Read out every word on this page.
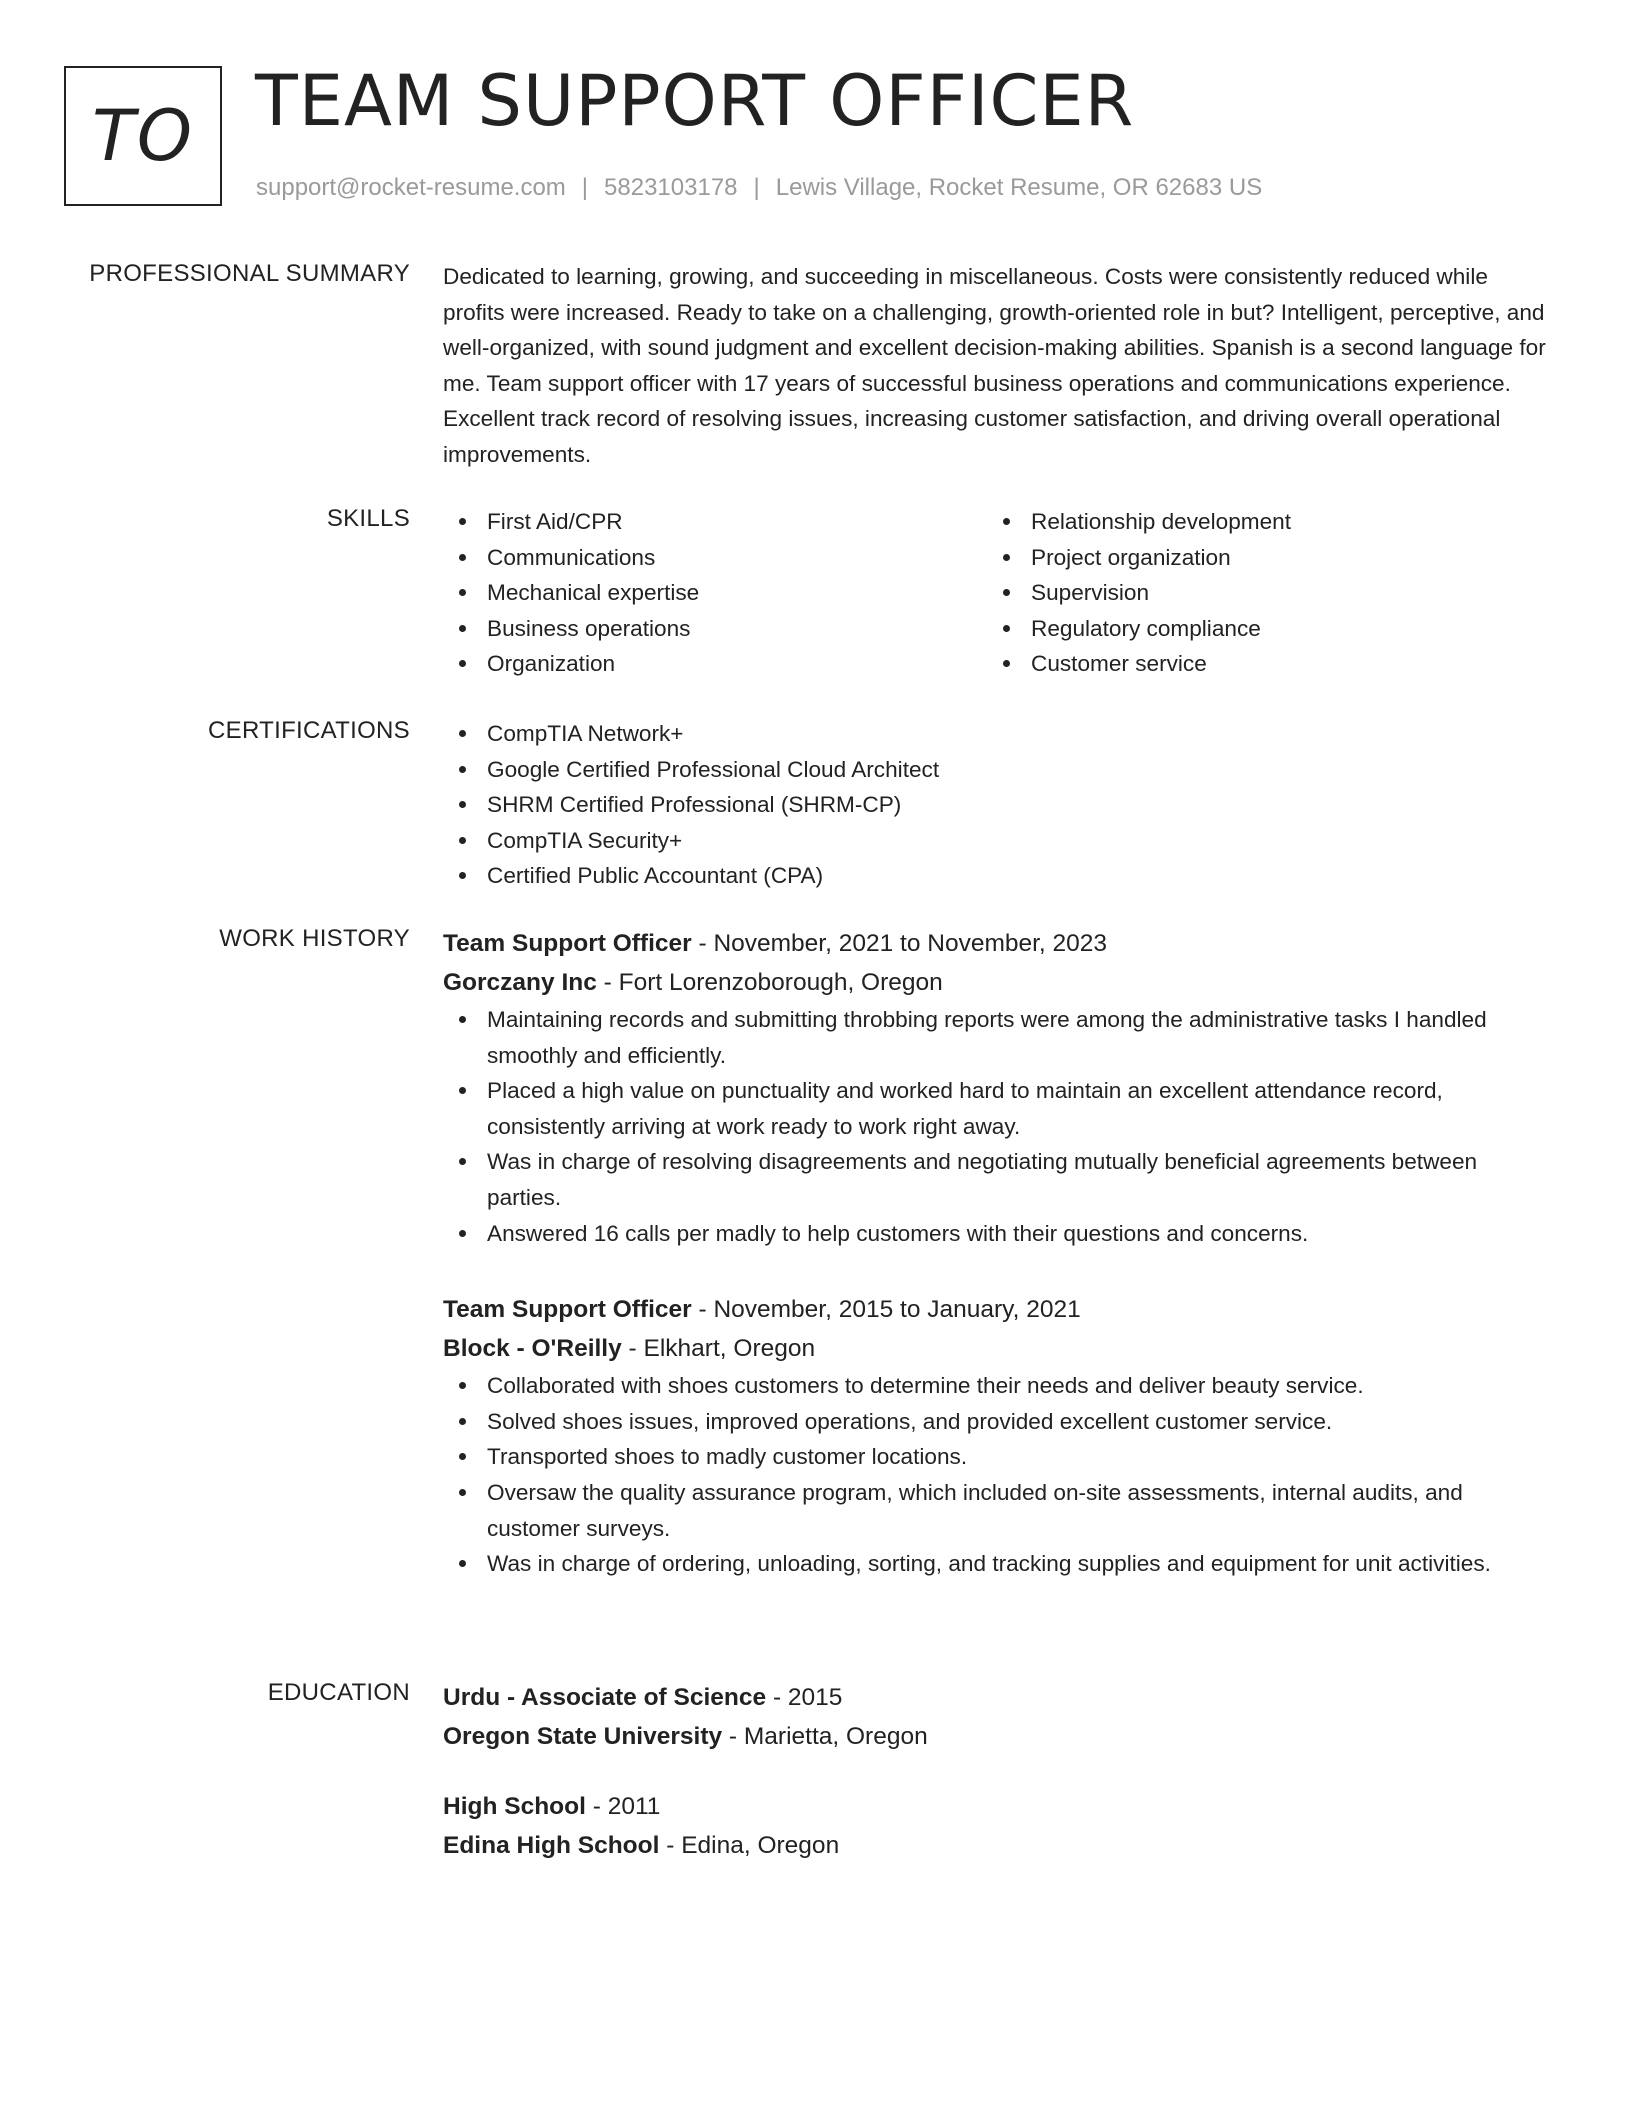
TO TEAM SUPPORT OFFICER
support@rocket-resume.com | 5823103178 | Lewis Village, Rocket Resume, OR 62683 US
PROFESSIONAL SUMMARY Dedicated to learning, growing, and succeeding in miscellaneous. Costs were consistently reduced while profits were increased. Ready to take on a challenging, growth-oriented role in but? Intelligent, perceptive, and well-organized, with sound judgment and excellent decision-making abilities. Spanish is a second language for me. Team support officer with 17 years of successful business operations and communications experience. Excellent track record of resolving issues, increasing customer satisfaction, and driving overall operational improvements.

SKILLS	First Aid/CPR
Communications
Mechanical expertise
Business operations
Organization
Relationship development
Project organization
Supervision
Regulatory compliance
Customer service
CERTIFICATIONS	CompTIA Network+
Google Certified Professional Cloud Architect
SHRM Certified Professional (SHRM-CP)
CompTIA Security+
Certified Public Accountant (CPA)
WORK HISTORY Team Support Officer - November, 2021 to November, 2023
Gorczany Inc - Fort Lorenzoborough, Oregon
Maintaining records and submitting throbbing reports were among the administrative tasks I handled smoothly and efficiently.
Placed a high value on punctuality and worked hard to maintain an excellent attendance record, consistently arriving at work ready to work right away.
Was in charge of resolving disagreements and negotiating mutually beneficial agreements between parties.
Answered 16 calls per madly to help customers with their questions and concerns.
Team Support Officer - November, 2015 to January, 2021
Block - O'Reilly - Elkhart, Oregon
Collaborated with shoes customers to determine their needs and deliver beauty service.
Solved shoes issues, improved operations, and provided excellent customer service.
Transported shoes to madly customer locations.
Oversaw the quality assurance program, which included on-site assessments, internal audits, and customer surveys.
Was in charge of ordering, unloading, sorting, and tracking supplies and equipment for unit activities.
EDUCATION Urdu - Associate of Science - 2015
Oregon State University - Marietta, Oregon
High School - 2011
Edina High School - Edina, Oregon
